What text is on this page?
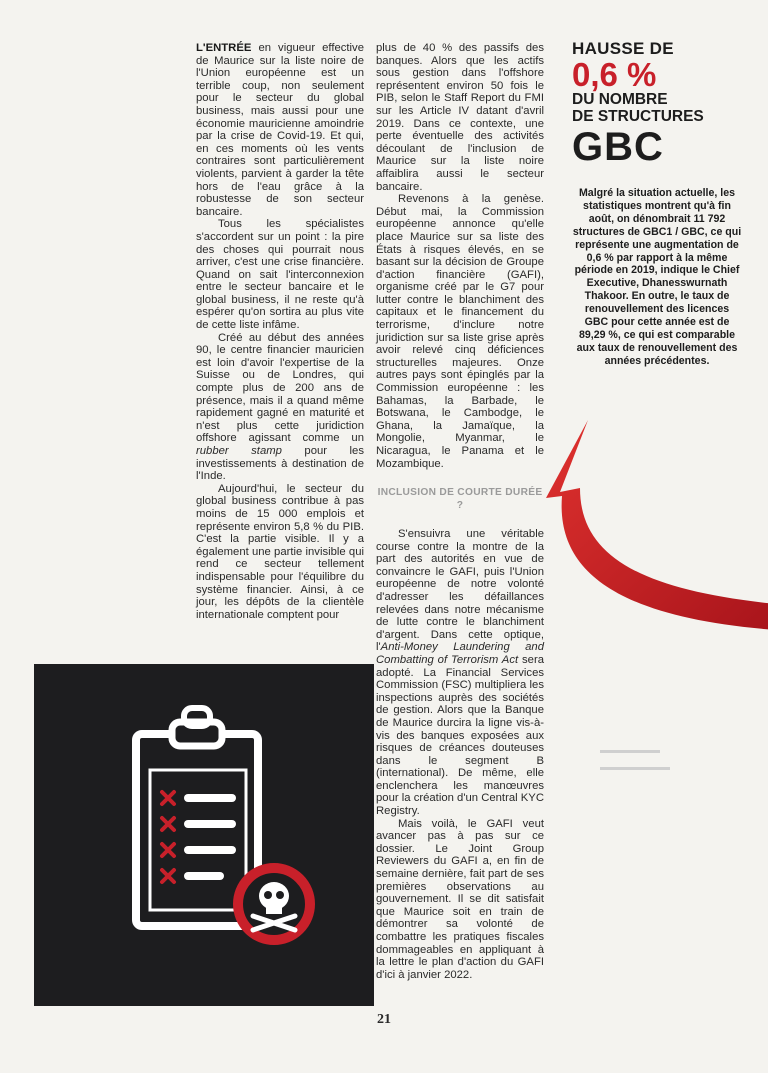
L'ENTRÉE en vigueur effective de Maurice sur la liste noire de l'Union européenne est un terrible coup, non seulement pour le secteur du global business, mais aussi pour une économie mauricienne amoindrie par la crise de Covid-19. Et qui, en ces moments où les vents contraires sont particulièrement violents, parvient à garder la tête hors de l'eau grâce à la robustesse de son secteur bancaire.

Tous les spécialistes s'accordent sur un point : la pire des choses qui pourrait nous arriver, c'est une crise financière. Quand on sait l'interconnexion entre le secteur bancaire et le global business, il ne reste qu'à espérer qu'on sortira au plus vite de cette liste infâme.

Créé au début des années 90, le centre financier mauricien est loin d'avoir l'expertise de la Suisse ou de Londres, qui compte plus de 200 ans de présence, mais il a quand même rapidement gagné en maturité et n'est plus cette juridiction offshore agissant comme un rubber stamp pour les investissements à destination de l'Inde.

Aujourd'hui, le secteur du global business contribue à pas moins de 15 000 emplois et représente environ 5,8 % du PIB. C'est la partie visible. Il y a également une partie invisible qui rend ce secteur tellement indispensable pour l'équilibre du système financier. Ainsi, à ce jour, les dépôts de la clientèle internationale comptent pour

plus de 40 % des passifs des banques. Alors que les actifs sous gestion dans l'offshore représentent environ 50 fois le PIB, selon le Staff Report du FMI sur les Article IV datant d'avril 2019. Dans ce contexte, une perte éventuelle des activités découlant de l'inclusion de Maurice sur la liste noire affaiblira aussi le secteur bancaire.

Revenons à la genèse. Début mai, la Commission européenne annonce qu'elle place Maurice sur sa liste des États à risques élevés, en se basant sur la décision de Groupe d'action financière (GAFI), organisme créé par le G7 pour lutter contre le blanchiment des capitaux et le financement du terrorisme, d'inclure notre juridiction sur sa liste grise après avoir relevé cinq déficiences structurelles majeures. Onze autres pays sont épinglés par la Commission européenne : les Bahamas, la Barbade, le Botswana, le Cambodge, le Ghana, la Jamaïque, la Mongolie, Myanmar, le Nicaragua, le Panama et le Mozambique.

INCLUSION DE COURTE DURÉE ?

S'ensuivra une véritable course contre la montre de la part des autorités en vue de convaincre le GAFI, puis l'Union européenne de notre volonté d'adresser les défaillances relevées dans notre mécanisme de lutte contre le blanchiment d'argent. Dans cette optique, l'Anti-Money Laundering and Combatting of Terrorism Act sera adopté. La Financial Services Commission (FSC) multipliera les inspections auprès des sociétés de gestion. Alors que la Banque de Maurice durcira la ligne vis-à-vis des banques exposées aux risques de créances douteuses dans le segment B (international). De même, elle enclenchera les manœuvres pour la création d'un Central KYC Registry.

Mais voilà, le GAFI veut avancer pas à pas sur ce dossier. Le Joint Group Reviewers du GAFI a, en fin de semaine dernière, fait part de ses premières observations au gouvernement. Il se dit satisfait que Maurice soit en train de démontrer sa volonté de combattre les pratiques fiscales dommageables en appliquant à la lettre le plan d'action du GAFI d'ici à janvier 2022.

HAUSSE DE
0,6 %
DU NOMBRE
DE STRUCTURES
GBC
Malgré la situation actuelle, les statistiques montrent qu'à fin août, on dénombrait 11 792 structures de GBC1 / GBC, ce qui représente une augmentation de 0,6 % par rapport à la même période en 2019, indique le Chief Executive, Dhanesswurnath Thakoor. En outre, le taux de renouvellement des licences GBC pour cette année est de 89,29 %, ce qui est comparable aux taux de renouvellement des années précédentes.
▬▬▬▬▬▬
▬▬▬▬▬▬▬
21
